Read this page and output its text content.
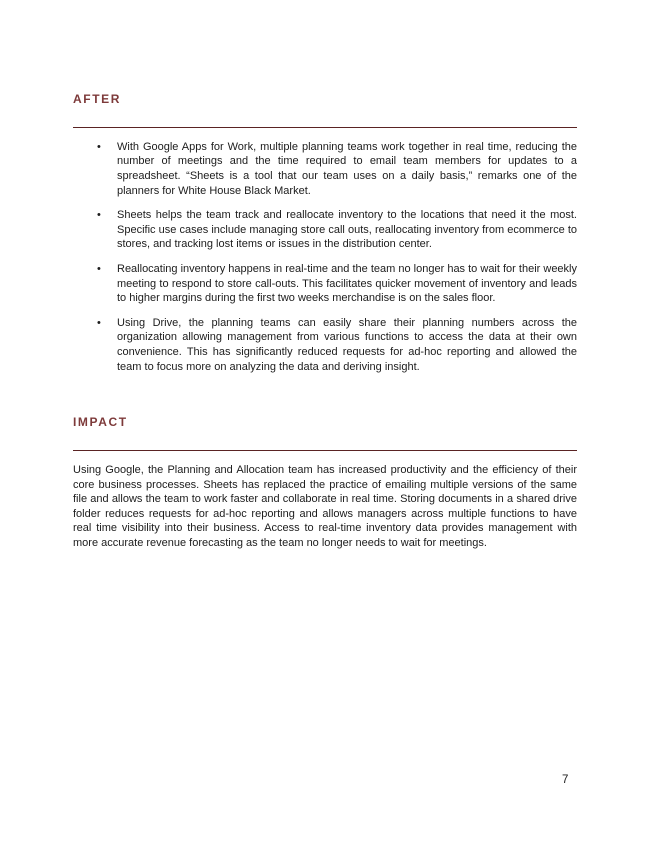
AFTER
• With Google Apps for Work, multiple planning teams work together in real time, reducing the number of meetings and the time required to email team members for updates to a spreadsheet. “Sheets is a tool that our team uses on a daily basis,” remarks one of the planners for White House Black Market.
• Sheets helps the team track and reallocate inventory to the locations that need it the most. Specific use cases include managing store call outs, reallocating inventory from ecommerce to stores, and tracking lost items or issues in the distribution center.
• Reallocating inventory happens in real-time and the team no longer has to wait for their weekly meeting to respond to store call-outs. This facilitates quicker movement of inventory and leads to higher margins during the first two weeks merchandise is on the sales floor.
• Using Drive, the planning teams can easily share their planning numbers across the organization allowing management from various functions to access the data at their own convenience. This has significantly reduced requests for ad-hoc reporting and allowed the team to focus more on analyzing the data and deriving insight.
IMPACT

Using Google, the Planning and Allocation team has increased productivity and the efficiency of their core business processes. Sheets has replaced the practice of emailing multiple versions of the same file and allows the team to work faster and collaborate in real time. Storing documents in a shared drive folder reduces requests for ad-hoc reporting and allows managers across multiple functions to have real time visibility into their business. Access to real-time inventory data provides management with more accurate revenue forecasting as the team no longer needs to wait for meetings.

7
